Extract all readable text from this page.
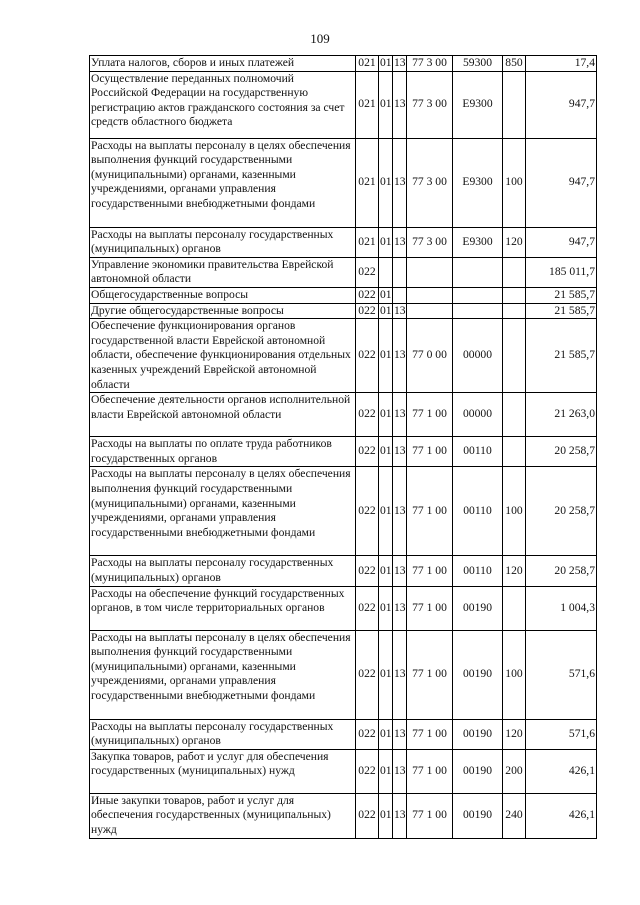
109
Уплата налогов, сборов и иных платежей	021	01	13	77 3 00	59300	850	17,4
Осуществление переданных полномочий Российской Федерации на государственную регистрацию актов гражданского состояния за счет средств областного бюджета	021	01	13	77 3 00	Е9300		947,7
Расходы на выплаты персоналу в целях обеспечения выполнения функций государственными (муниципальными) органами, казенными учреждениями, органами управления государственными внебюджетными фондами	021	01	13	77 3 00	Е9300	100	947,7
Расходы на выплаты персоналу государственных (муниципальных) органов	021	01	13	77 3 00	Е9300	120	947,7
Управление экономики правительства Еврейской автономной области	022						185 011,7
Общегосударственные вопросы	022	01					21 585,7
Другие общегосударственные вопросы	022	01	13				21 585,7
Обеспечение функционирования органов государственной власти Еврейской автономной области, обеспечение функционирования отдельных казенных учреждений Еврейской автономной области	022	01	13	77 0 00	00000		21 585,7
Обеспечение деятельности органов исполнительной власти Еврейской автономной области	022	01	13	77 1 00	00000		21 263,0
Расходы на выплаты по оплате труда работников государственных органов	022	01	13	77 1 00	00110		20 258,7
Расходы на выплаты персоналу в целях обеспечения выполнения функций государственными (муниципальными) органами, казенными учреждениями, органами управления государственными внебюджетными фондами	022	01	13	77 1 00	00110	100	20 258,7
Расходы на выплаты персоналу государственных (муниципальных) органов	022	01	13	77 1 00	00110	120	20 258,7
Расходы на обеспечение функций государственных органов, в том числе территориальных органов	022	01	13	77 1 00	00190		1 004,3
Расходы на выплаты персоналу в целях обеспечения выполнения функций государственными (муниципальными) органами, казенными учреждениями, органами управления государственными внебюджетными фондами	022	01	13	77 1 00	00190	100	571,6
Расходы на выплаты персоналу государственных (муниципальных) органов	022	01	13	77 1 00	00190	120	571,6
Закупка товаров, работ и услуг для обеспечения государственных (муниципальных) нужд	022	01	13	77 1 00	00190	200	426,1
Иные закупки товаров, работ и услуг для обеспечения государственных (муниципальных) нужд	022	01	13	77 1 00	00190	240	426,1
